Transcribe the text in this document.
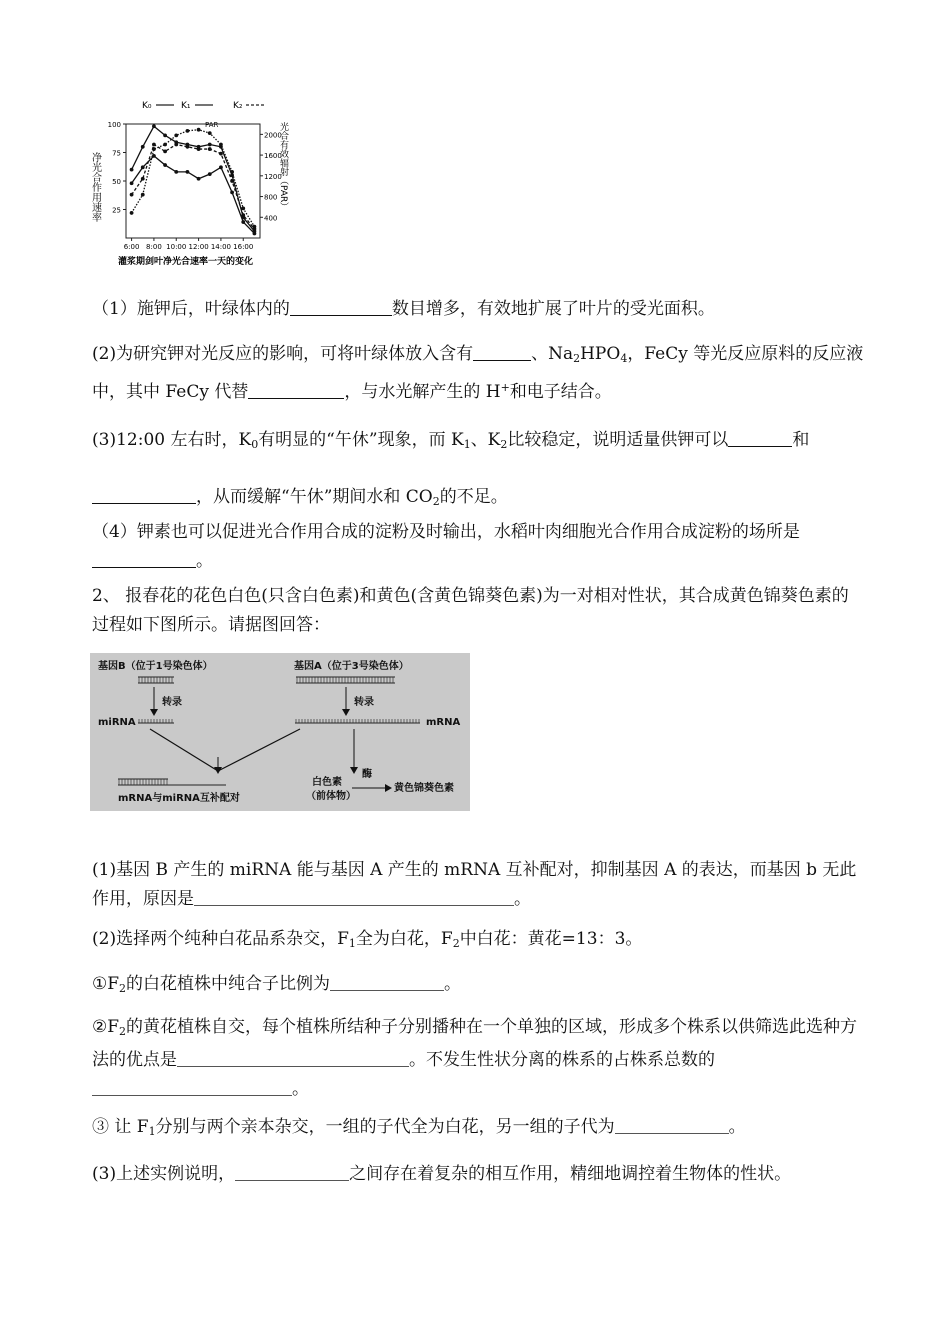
K₀	K₁	K₂
净光合作用速率	光合有效辐射（PAR）
100
75
50
25
2000
1600
1200
800
400
6:00 8:00 10:00 12:00 14:00 16:00
PAR
灌浆期剑叶净光合速率一天的变化
（1）施钾后，叶绿体内的	数目增多，有效地扩展了叶片的受光面积。
(2)为研究钾对光反应的影响，可将叶绿体放入含有	、$Na_2HPO_4$，FeCy 等光反应原料的反应液中，其中 FeCy 代替	，与水光解产生的 H+和电子结合。
(3)12:00 左右时，$K_0$有明显的“午休”现象，而 $K_1$、$K_2$比较稳定，说明适量供钾可以	和
，从而缓解“午休”期间水和 $CO_2$的不足。
（4）钾素也可以促进光合作用合成的淀粉及时输出，水稻叶肉细胞光合作用合成淀粉的场所是。
2、 报春花的花色白色(只含白色素)和黄色(含黄色锦葵色素)为一对相对性状，其合成黄色锦葵色素的过程如下图所示。请据图回答：
基因B（位于1号染色体）	基因A（位于3号染色体）
转录	转录
miRNA	mRNA
mRNA与miRNA互补配对
白色素
（前体物）
酶
黄色锦葵色素
(1)基因 B 产生的 miRNA 能与基因 A 产生的 mRNA 互补配对，抑制基因 A 的表达，而基因 b 无此作用，原因是	。
(2)选择两个纯种白花品系杂交，$F_1$全为白花，$F_2$中白花：黄花=13：3。
$①F_2$的白花植株中纯合子比例为	。
$②F_2$的黄花植株自交，每个植株所结种子分别播种在一个单独的区域，形成多个株系以供筛选此选种方法的优点是	。不发生性状分离的株系的占株系总数的。
③ 让 $F_1$分别与两个亲本杂交，一组的子代全为白花，另一组的子代为	。
(3)上述实例说明，	之间存在着复杂的相互作用，精细地调控着生物体的性状。
